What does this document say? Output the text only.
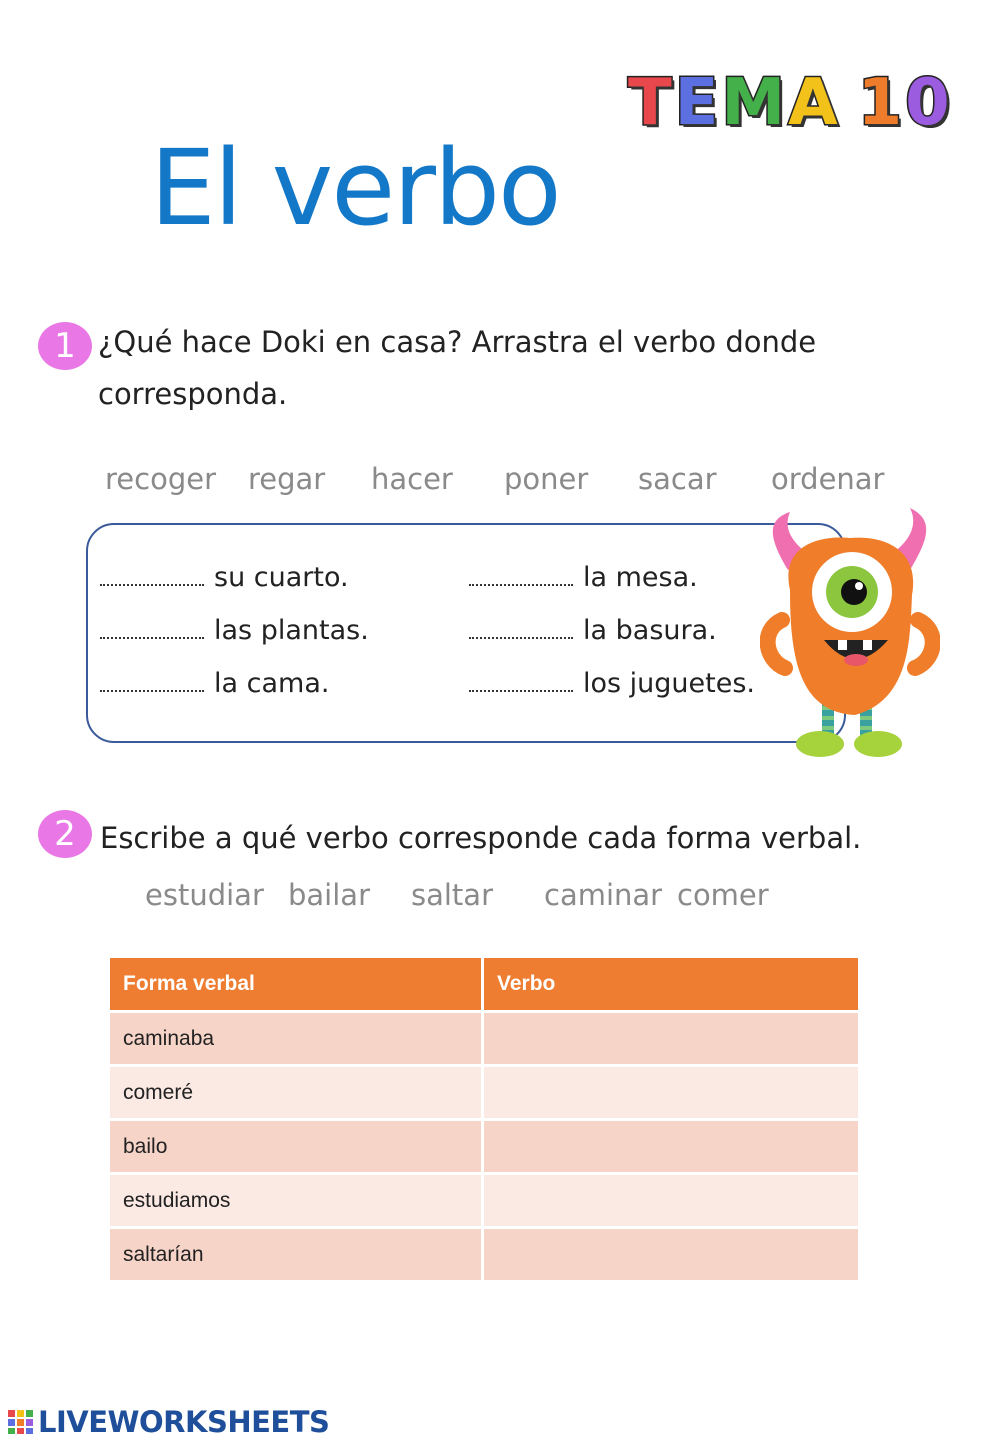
T E M A 1 0
El verbo
1 ¿Qué hace Doki en casa? Arrastra el verbo donde
corresponda.
recoger	regar	hacer	poner	sacar	ordenar
su cuarto.
las plantas.
la cama.
la mesa.
la basura.
los juguetes.
2 Escribe a qué verbo corresponde cada forma verbal.
estudiar bailar	saltar	caminar comer
Forma verbal	Verbo
caminaba	
comeré	
bailo	
estudiamos	
saltarían	
LIVEWORKSHEETS
